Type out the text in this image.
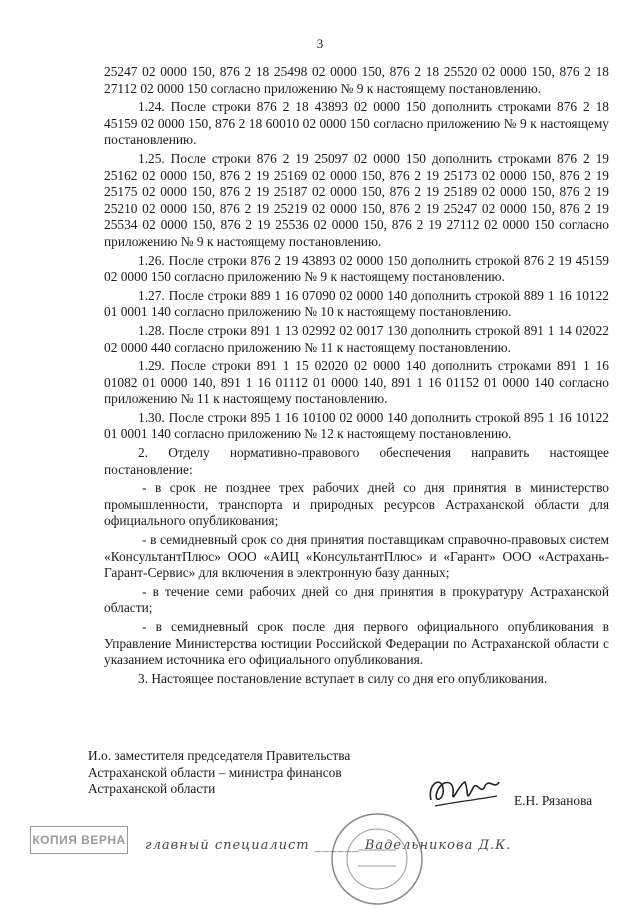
3

25247 02 0000 150, 876 2 18 25498 02 0000 150, 876 2 18 25520 02 0000 150, 876 2 18 27112 02 0000 150 согласно приложению № 9 к настоящему постановлению.

1.24. После строки 876 2 18 43893 02 0000 150 дополнить строками 876 2 18 45159 02 0000 150, 876 2 18 60010 02 0000 150 согласно приложению № 9 к настоящему постановлению.

1.25. После строки 876 2 19 25097 02 0000 150 дополнить строками 876 2 19 25162 02 0000 150, 876 2 19 25169 02 0000 150, 876 2 19 25173 02 0000 150, 876 2 19 25175 02 0000 150, 876 2 19 25187 02 0000 150, 876 2 19 25189 02 0000 150, 876 2 19 25210 02 0000 150, 876 2 19 25219 02 0000 150, 876 2 19 25247 02 0000 150, 876 2 19 25534 02 0000 150, 876 2 19 25536 02 0000 150, 876 2 19 27112 02 0000 150 согласно приложению № 9 к настоящему постановлению.

1.26. После строки 876 2 19 43893 02 0000 150 дополнить строкой 876 2 19 45159 02 0000 150 согласно приложению № 9 к настоящему постановлению.

1.27. После строки 889 1 16 07090 02 0000 140 дополнить строкой 889 1 16 10122 01 0001 140 согласно приложению № 10 к настоящему постановлению.

1.28. После строки 891 1 13 02992 02 0017 130 дополнить строкой 891 1 14 02022 02 0000 440 согласно приложению № 11 к настоящему постановлению.

1.29. После строки 891 1 15 02020 02 0000 140 дополнить строками 891 1 16 01082 01 0000 140, 891 1 16 01112 01 0000 140, 891 1 16 01152 01 0000 140 согласно приложению № 11 к настоящему постановлению.

1.30. После строки 895 1 16 10100 02 0000 140 дополнить строкой 895 1 16 10122 01 0001 140 согласно приложению № 12 к настоящему постановлению.

2. Отделу нормативно-правового обеспечения направить настоящее постановление:

- в срок не позднее трех рабочих дней со дня принятия в министерство промышленности, транспорта и природных ресурсов Астраханской области для официального опубликования;

- в семидневный срок со дня принятия поставщикам справочно-правовых систем «КонсультантПлюс» ООО «АИЦ «КонсультантПлюс» и «Гарант» ООО «Астрахань-Гарант-Сервис» для включения в электронную базу данных;

- в течение семи рабочих дней со дня принятия в прокуратуру Астраханской области;

- в семидневный срок после дня первого официального опубликования в Управление Министерства юстиции Российской Федерации по Астраханской области с указанием источника его официального опубликования.

3. Настоящее постановление вступает в силу со дня его опубликования.

И.о. заместителя председателя Правительства
Астраханской области – министра финансов
Астраханской области
Е.Н. Рязанова
КОПИЯ ВЕРНА главный специалист ______ Вадельникова Д.К.
